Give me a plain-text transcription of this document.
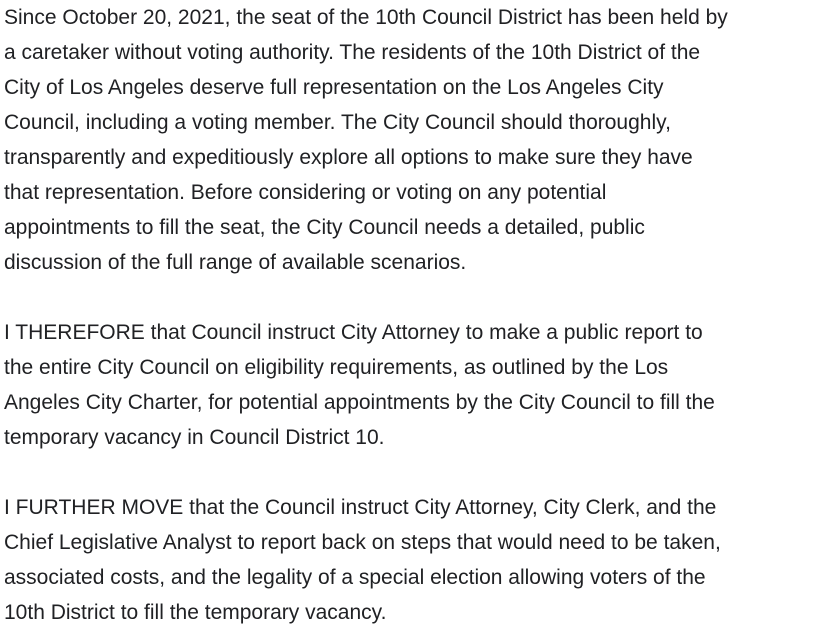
Since October 20, 2021, the seat of the 10th Council District has been held by
a caretaker without voting authority. The residents of the 10th District of the
City of Los Angeles deserve full representation on the Los Angeles City
Council, including a voting member. The City Council should thoroughly,
transparently and expeditiously explore all options to make sure they have
that representation. Before considering or voting on any potential
appointments to fill the seat, the City Council needs a detailed, public
discussion of the full range of available scenarios.

I THEREFORE that Council instruct City Attorney to make a public report to
the entire City Council on eligibility requirements, as outlined by the Los
Angeles City Charter, for potential appointments by the City Council to fill the
temporary vacancy in Council District 10.

I FURTHER MOVE that the Council instruct City Attorney, City Clerk, and the
Chief Legislative Analyst to report back on steps that would need to be taken,
associated costs, and the legality of a special election allowing voters of the
10th District to fill the temporary vacancy.
